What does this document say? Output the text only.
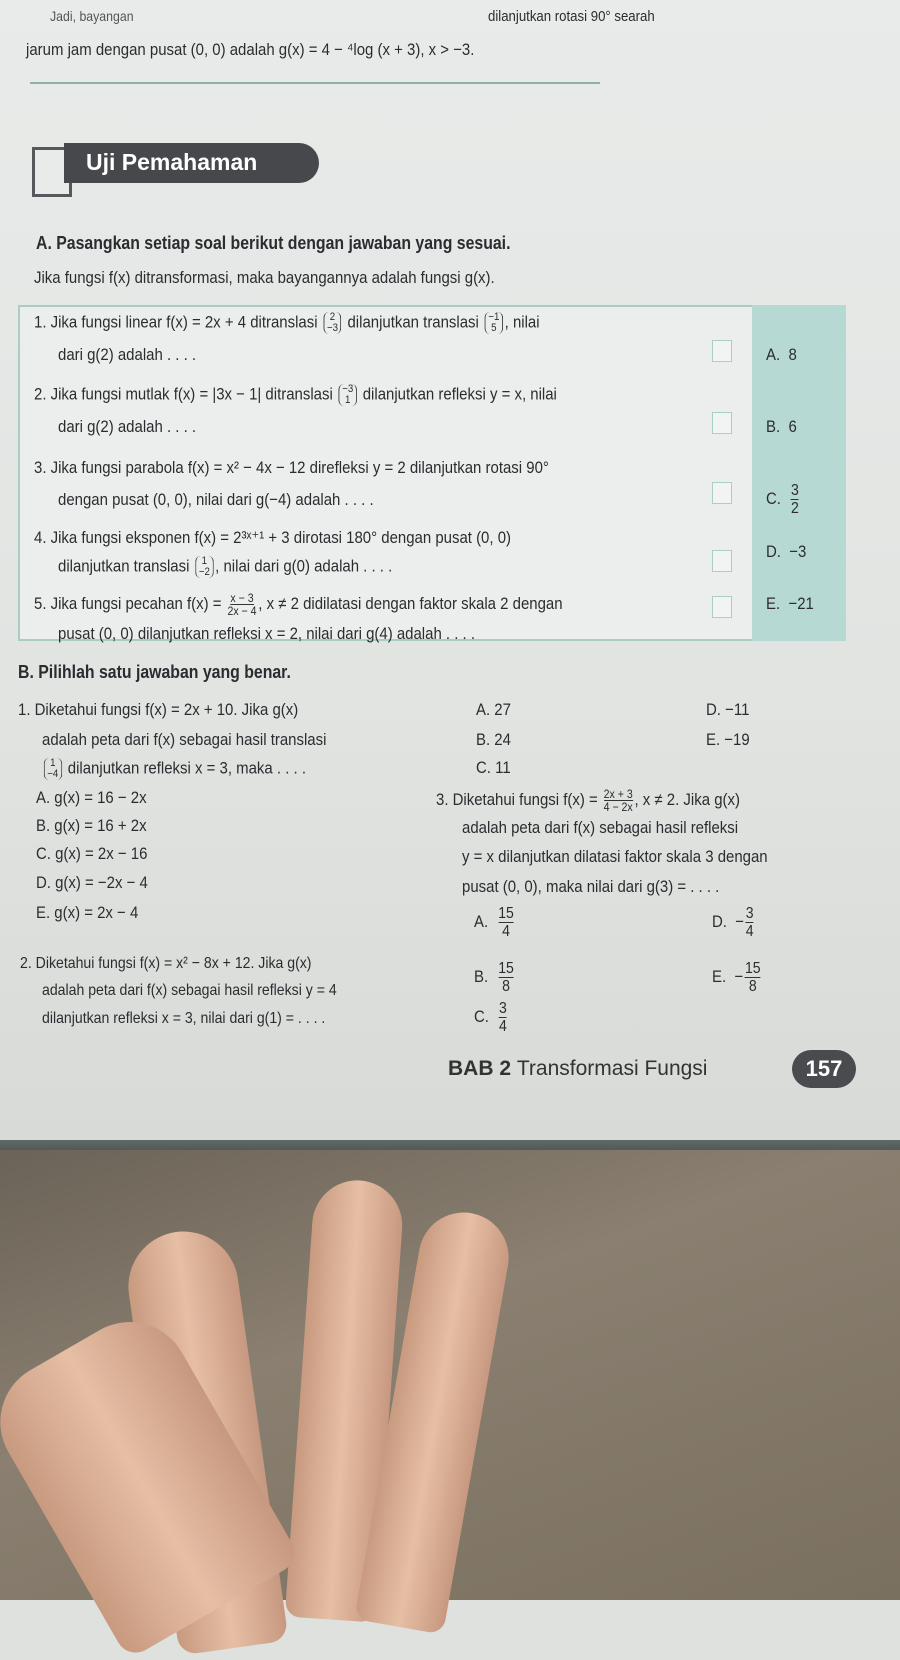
Jadi, bayangan	dilanjutkan rotasi 90° searah
jarum jam dengan pusat (0, 0) adalah g(x) = 4 − ⁴log (x + 3), x > −3.
Uji Pemahaman
A. Pasangkan setiap soal berikut dengan jawaban yang sesuai.
Jika fungsi f(x) ditransformasi, maka bayangannya adalah fungsi g(x).
1. Jika fungsi linear f(x) = 2x + 4 ditranslasi 2
−3 dilanjutkan translasi −1
5 , nilai
dari g(2) adalah . . . .
2. Jika fungsi mutlak f(x) = |3x − 1| ditranslasi −3
1 dilanjutkan refleksi y = x, nilai
dari g(2) adalah . . . .
3. Jika fungsi parabola f(x) = x² − 4x − 12 direfleksi y = 2 dilanjutkan rotasi 90°
dengan pusat (0, 0), nilai dari g(−4) adalah . . . .
4. Jika fungsi eksponen f(x) = 2³ˣ⁺¹ + 3 dirotasi 180° dengan pusat (0, 0)
dilanjutkan translasi 1
−2 , nilai dari g(0) adalah . . . .
5. Jika fungsi pecahan $f(x) = \frac{x - 3}{2x - 4}$ , x ≠ 2 didilatasi dengan faktor skala 2 dengan
pusat (0, 0) dilanjutkan refleksi x = 2, nilai dari g(4) adalah . . . .
A. 8
B. 6
C. $\frac{3}{2}$
D. −3
E. −21
B. Pilihlah satu jawaban yang benar.
1. Diketahui fungsi f(x) = 2x + 10. Jika g(x)
adalah peta dari f(x) sebagai hasil translasi
1
−4 dilanjutkan refleksi x = 3, maka . . . .
A. g(x) = 16 − 2x
B. g(x) = 16 + 2x
C. g(x) = 2x − 16
D. g(x) = −2x − 4
E. g(x) = 2x − 4
A. 27
B. 24
C. 11
D. −11
E. −19
3. Diketahui fungsi $f(x) = \frac{2x + 3}{4 - 2x}$ , x ≠ 2. Jika g(x)
adalah peta dari f(x) sebagai hasil refleksi
y = x dilanjutkan dilatasi faktor skala 3 dengan
pusat (0, 0), maka nilai dari g(3) = . . . .
2. Diketahui fungsi f(x) = x² − 8x + 12. Jika g(x)
adalah peta dari f(x) sebagai hasil refleksi y = 4
dilanjutkan refleksi x = 3, nilai dari g(1) = . . . .
A. $\frac{15}{4}$
B. $\frac{15}{8}$
C. $\frac{3}{4}$
D. − $\frac{3}{4}$
E. − $\frac{15}{8}$
BAB 2 Transformasi Fungsi	157
